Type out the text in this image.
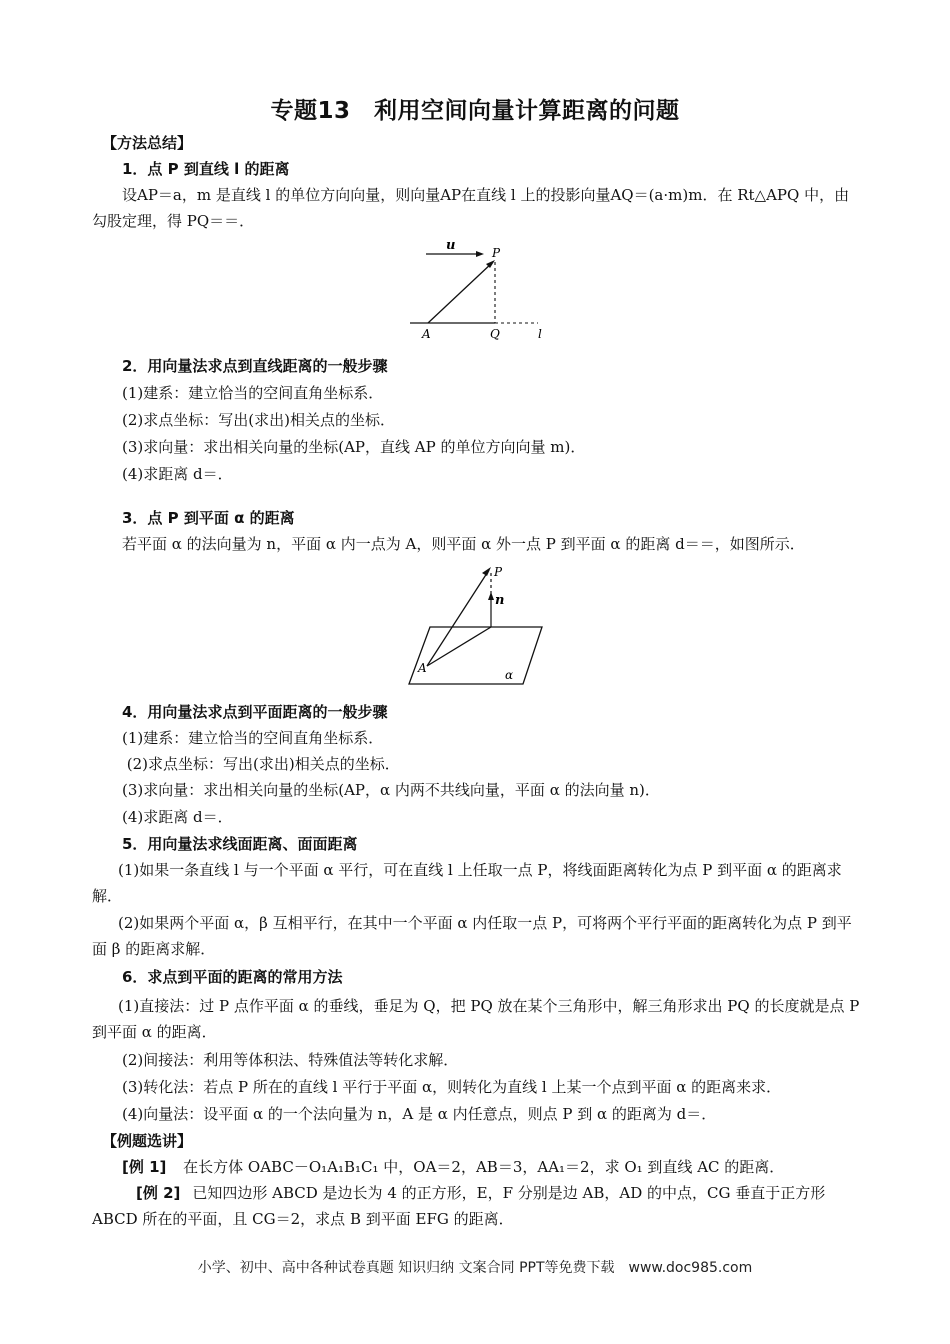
专题13　利用空间向量计算距离的问题
【方法总结】
1．点 P 到直线 l 的距离
设AP＝a，m 是直线 l 的单位方向向量，则向量AP在直线 l 上的投影向量AQ＝(a·m)m．在 Rt△APQ 中，由勾股定理，得 PQ＝＝．
u	P
A	Q	l
2．用向量法求点到直线距离的一般步骤
(1)建系：建立恰当的空间直角坐标系．
(2)求点坐标：写出(求出)相关点的坐标．
(3)求向量：求出相关向量的坐标(AP，直线 AP 的单位方向向量 m)．
(4)求距离 d＝．
3．点 P 到平面 α 的距离
若平面 α 的法向量为 n，平面 α 内一点为 A，则平面 α 外一点 P 到平面 α 的距离 d＝＝，如图所示．
P
n
A	α
4．用向量法求点到平面距离的一般步骤
(1)建系：建立恰当的空间直角坐标系．
(2)求点坐标：写出(求出)相关点的坐标．
(3)求向量：求出相关向量的坐标(AP，α 内两不共线向量，平面 α 的法向量 n)．
(4)求距离 d＝．
5．用向量法求线面距离、面面距离
(1)如果一条直线 l 与一个平面 α 平行，可在直线 l 上任取一点 P，将线面距离转化为点 P 到平面 α 的距离求解．
(2)如果两个平面 α，β 互相平行，在其中一个平面 α 内任取一点 P，可将两个平行平面的距离转化为点 P 到平面 β 的距离求解．
6．求点到平面的距离的常用方法
(1)直接法：过 P 点作平面 α 的垂线，垂足为 Q，把 PQ 放在某个三角形中，解三角形求出 PQ 的长度就是点 P 到平面 α 的距离．
(2)间接法：利用等体积法、特殊值法等转化求解．
(3)转化法：若点 P 所在的直线 l 平行于平面 α，则转化为直线 l 上某一个点到平面 α 的距离来求．
(4)向量法：设平面 α 的一个法向量为 n，A 是 α 内任意点，则点 P 到 α 的距离为 d＝．
【例题选讲】
[例 1] 在长方体 OABC－O₁A₁B₁C₁ 中，OA＝2，AB＝3，AA₁＝2，求 O₁ 到直线 AC 的距离．
[例 2] 已知四边形 ABCD 是边长为 4 的正方形，E，F 分别是边 AB，AD 的中点，CG 垂直于正方形 ABCD 所在的平面，且 CG＝2，求点 B 到平面 EFG 的距离．
小学、初中、高中各种试卷真题 知识归纳 文案合同 PPT等免费下载　www.doc985.com
